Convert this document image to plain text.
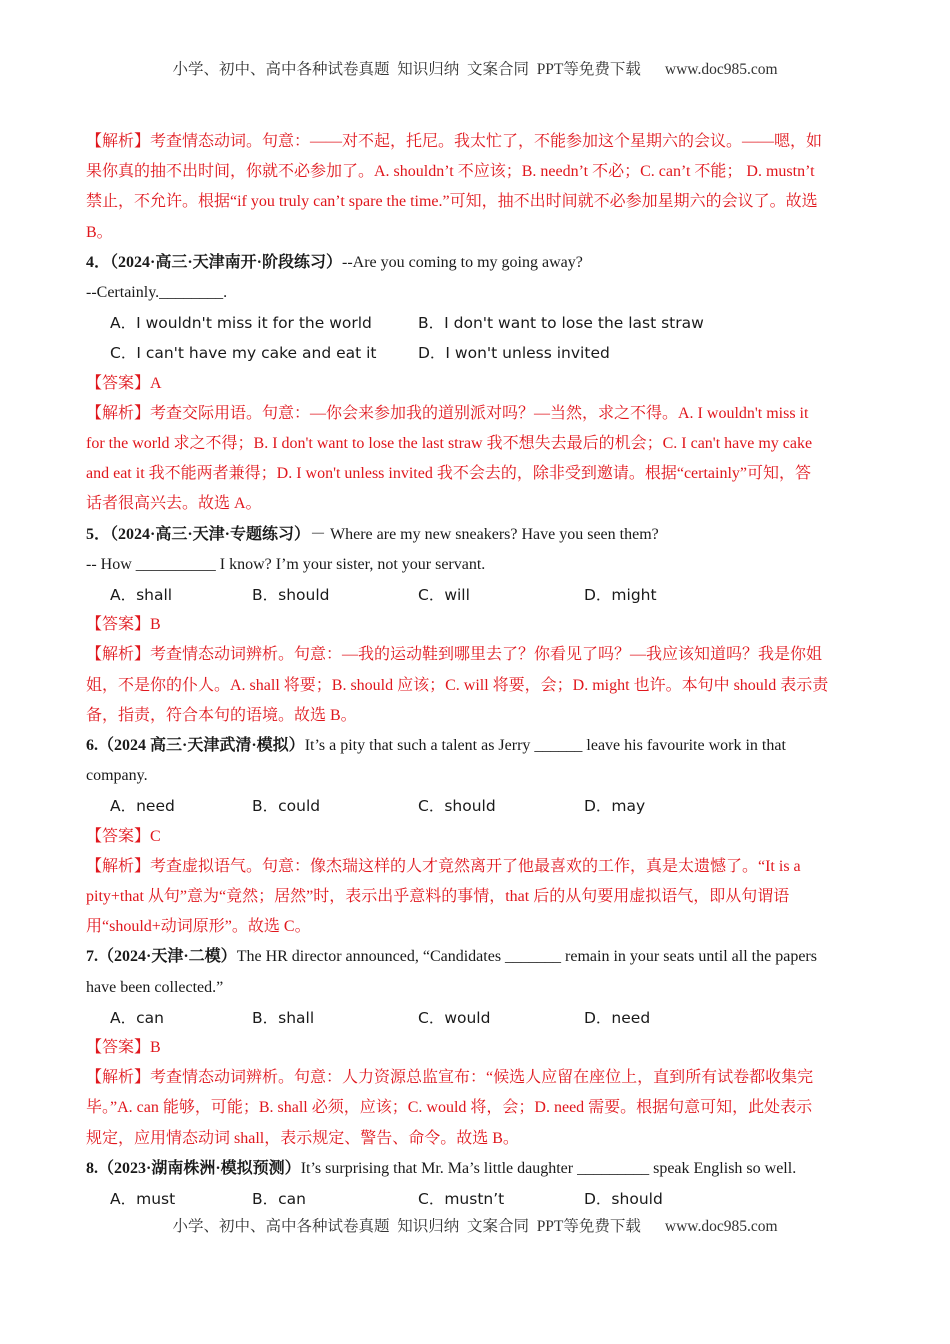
小学、初中、高中各种试卷真题  知识归纳  文案合同  PPT等免费下载 www.doc985.com
【解析】考查情态动词。句意：——对不起，托尼。我太忙了，不能参加这个星期六的会议。——嗯，如
果你真的抽不出时间，你就不必参加了。A. shouldn’t 不应该；B. needn’t 不必；C. can’t 不能； D. mustn’t
禁止，不允许。根据“if you truly can’t spare the time.”可知，抽不出时间就不必参加星期六的会议了。故选
B。
4．（2024·高三·天津南开·阶段练习）--Are you coming to my going away?
--Certainly.________.
A．I wouldn't miss it for the world	B．I don't want to lose the last straw
C．I can't have my cake and eat it	D．I won't unless invited
【答案】A
【解析】考查交际用语。句意：—你会来参加我的道别派对吗？—当然，求之不得。A. I wouldn't miss it
for the world 求之不得；B. I don't want to lose the last straw 我不想失去最后的机会；C. I can't have my cake
and eat it 我不能两者兼得；D. I won't unless invited 我不会去的，除非受到邀请。根据“certainly”可知，答
话者很高兴去。故选 A。
5．（2024·高三·天津·专题练习）－ Where are my new sneakers? Have you seen them?
-- How __________ I know? I’m your sister, not your servant.
A．shall	B．should	C．will	D．might
【答案】B
【解析】考查情态动词辨析。句意：—我的运动鞋到哪里去了？你看见了吗？—我应该知道吗？我是你姐
姐，不是你的仆人。A. shall 将要；B. should 应该；C. will 将要，会；D. might 也许。本句中 should 表示责
备，指责，符合本句的语境。故选 B。
6.（2024 高三·天津武清·模拟）It’s a pity that such a talent as Jerry ______ leave his favourite work in that
company.
A．need	B．could	C．should	D．may
【答案】C
【解析】考查虚拟语气。句意：像杰瑞这样的人才竟然离开了他最喜欢的工作，真是太遗憾了。“It is a
pity+that 从句”意为“竟然；居然”时，表示出乎意料的事情，that 后的从句要用虚拟语气，即从句谓语
用“should+动词原形”。故选 C。
7.（2024·天津·二模）The HR director announced, “Candidates _______ remain in your seats until all the papers
have been collected.”
A．can	B．shall	C．would	D．need
【答案】B
【解析】考查情态动词辨析。句意：人力资源总监宣布：“候选人应留在座位上，直到所有试卷都收集完
毕。”A. can 能够，可能；B. shall 必须，应该；C. would 将，会；D. need 需要。根据句意可知，此处表示
规定，应用情态动词 shall，表示规定、警告、命令。故选 B。
8.（2023·湖南株洲·模拟预测）It’s surprising that Mr. Ma’s little daughter _________ speak English so well.
A．must	B．can	C．mustn’t	D．should
小学、初中、高中各种试卷真题  知识归纳  文案合同  PPT等免费下载 www.doc985.com
